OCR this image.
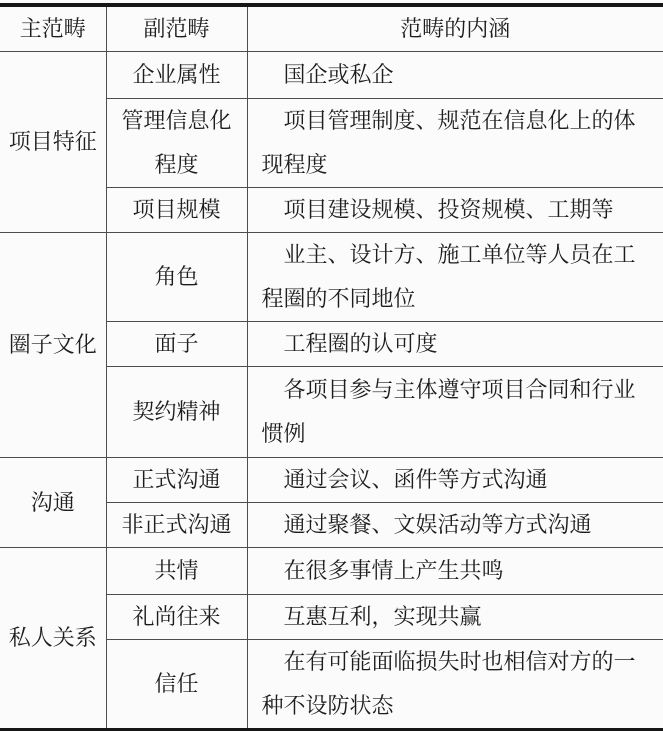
主范畴	副范畴	范畴的内涵
项目特征	企业属性	国企或私企
	管理信息化程度	项目管理制度、规范在信息化上的体现程度
	项目规模	项目建设规模、投资规模、工期等
圈子文化	角色	业主、设计方、施工单位等人员在工程圈的不同地位
	面子	工程圈的认可度
	契约精神	各项目参与主体遵守项目合同和行业惯例
沟通	正式沟通	通过会议、函件等方式沟通
	非正式沟通	通过聚餐、文娱活动等方式沟通
私人关系	共情	在很多事情上产生共鸣
	礼尚往来	互惠互利，实现共赢
	信任	在有可能面临损失时也相信对方的一种不设防状态
